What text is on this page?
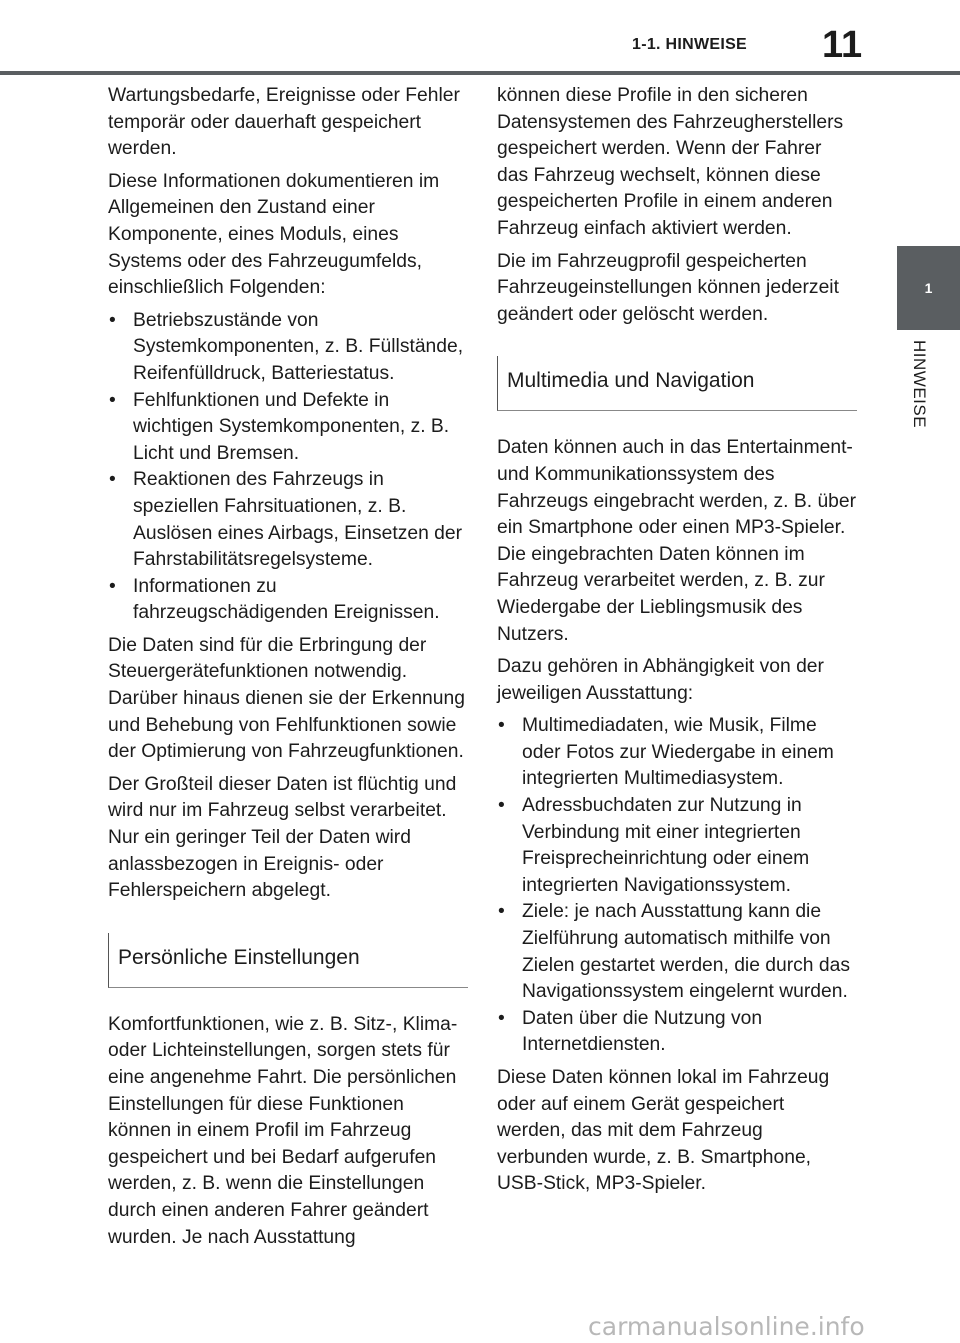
1-1. HINWEISE 11
1
HINWEISE

Wartungsbedarfe, Ereignisse oder Fehler temporär oder dauerhaft gespeichert werden.

Diese Informationen dokumentieren im Allgemeinen den Zustand einer Komponente, eines Moduls, eines Systems oder des Fahrzeugumfelds, einschließlich Folgenden:

• Betriebszustände von Systemkomponenten, z. B. Füllstände, Reifenfülldruck, Batteriestatus.
• Fehlfunktionen und Defekte in wichtigen Systemkomponenten, z. B. Licht und Bremsen.
• Reaktionen des Fahrzeugs in speziellen Fahrsituationen, z. B. Auslösen eines Airbags, Einsetzen der Fahrstabilitätsregelsysteme.
• Informationen zu fahrzeugschädigenden Ereignissen.

Die Daten sind für die Erbringung der Steuergerätefunktionen notwendig. Darüber hinaus dienen sie der Erkennung und Behebung von Fehlfunktionen sowie der Optimierung von Fahrzeugfunktionen.

Der Großteil dieser Daten ist flüchtig und wird nur im Fahrzeug selbst verarbeitet. Nur ein geringer Teil der Daten wird anlassbezogen in Ereignis- oder Fehlerspeichern abgelegt.

Persönliche Einstellungen

Komfortfunktionen, wie z. B. Sitz-, Klima- oder Lichteinstellungen, sorgen stets für eine angenehme Fahrt. Die persönlichen Einstellungen für diese Funktionen können in einem Profil im Fahrzeug gespeichert und bei Bedarf aufgerufen werden, z. B. wenn die Einstellungen durch einen anderen Fahrer geändert wurden. Je nach Ausstattung

können diese Profile in den sicheren Datensystemen des Fahrzeugherstellers gespeichert werden. Wenn der Fahrer das Fahrzeug wechselt, können diese gespeicherten Profile in einem anderen Fahrzeug einfach aktiviert werden.

Die im Fahrzeugprofil gespeicherten Fahrzeugeinstellungen können jederzeit geändert oder gelöscht werden.

Multimedia und Navigation

Daten können auch in das Entertainment- und Kommunikationssystem des Fahrzeugs eingebracht werden, z. B. über ein Smartphone oder einen MP3-Spieler. Die eingebrachten Daten können im Fahrzeug verarbeitet werden, z. B. zur Wiedergabe der Lieblingsmusik des Nutzers.

Dazu gehören in Abhängigkeit von der jeweiligen Ausstattung:

• Multimediadaten, wie Musik, Filme oder Fotos zur Wiedergabe in einem integrierten Multimediasystem.
• Adressbuchdaten zur Nutzung in Verbindung mit einer integrierten Freisprecheinrichtung oder einem integrierten Navigationssystem.
• Ziele: je nach Ausstattung kann die Zielführung automatisch mithilfe von Zielen gestartet werden, die durch das Navigationssystem eingelernt wurden.
• Daten über die Nutzung von Internetdiensten.

Diese Daten können lokal im Fahrzeug oder auf einem Gerät gespeichert werden, das mit dem Fahrzeug verbunden wurde, z. B. Smartphone, USB-Stick, MP3-Spieler.

carmanualsonline.info
